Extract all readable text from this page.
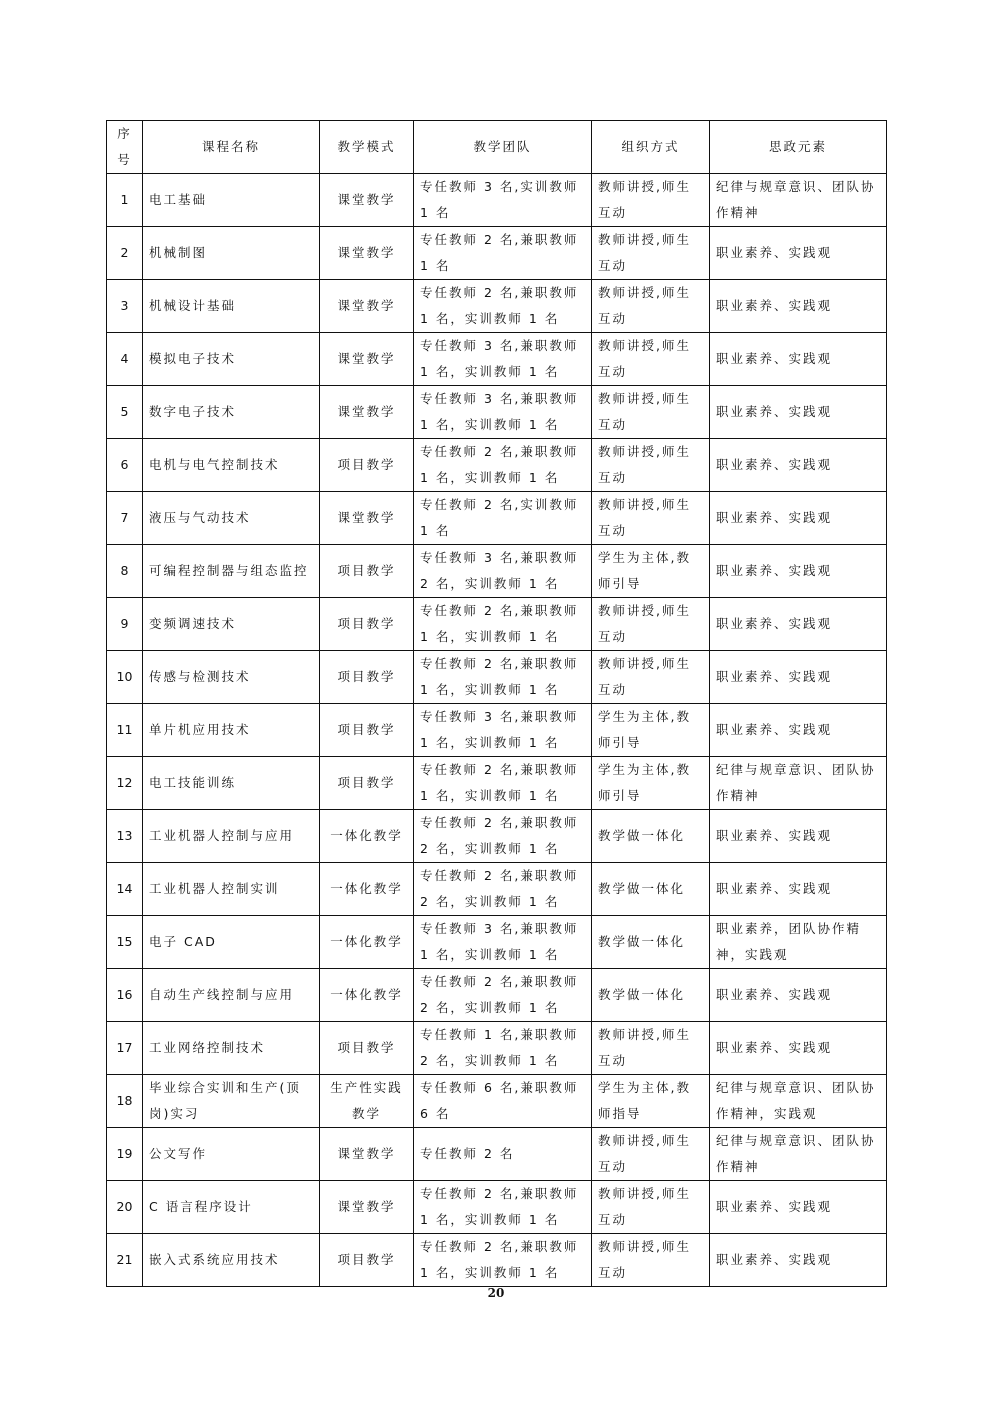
序
号	课程名称	教学模式	教学团队	组织方式	思政元素
1	电工基础	课堂教学	专任教师 3 名,实训教师 1 名	教师讲授,师生互动	纪律与规章意识、团队协作精神
2	机械制图	课堂教学	专任教师 2 名,兼职教师 1 名	教师讲授,师生互动	职业素养、实践观
3	机械设计基础	课堂教学	专任教师 2 名,兼职教师 1 名，实训教师 1 名	教师讲授,师生互动	职业素养、实践观
4	模拟电子技术	课堂教学	专任教师 3 名,兼职教师 1 名，实训教师 1 名	教师讲授,师生互动	职业素养、实践观
5	数字电子技术	课堂教学	专任教师 3 名,兼职教师 1 名，实训教师 1 名	教师讲授,师生互动	职业素养、实践观
6	电机与电气控制技术	项目教学	专任教师 2 名,兼职教师 1 名，实训教师 1 名	教师讲授,师生互动	职业素养、实践观
7	液压与气动技术	课堂教学	专任教师 2 名,实训教师 1 名	教师讲授,师生互动	职业素养、实践观
8	可编程控制器与组态监控	项目教学	专任教师 3 名,兼职教师 2 名，实训教师 1 名	学生为主体,教师引导	职业素养、实践观
9	变频调速技术	项目教学	专任教师 2 名,兼职教师 1 名，实训教师 1 名	教师讲授,师生互动	职业素养、实践观
10	传感与检测技术	项目教学	专任教师 2 名,兼职教师 1 名，实训教师 1 名	教师讲授,师生互动	职业素养、实践观
11	单片机应用技术	项目教学	专任教师 3 名,兼职教师 1 名，实训教师 1 名	学生为主体,教师引导	职业素养、实践观
12	电工技能训练	项目教学	专任教师 2 名,兼职教师 1 名，实训教师 1 名	学生为主体,教师引导	纪律与规章意识、团队协作精神
13	工业机器人控制与应用	一体化教学	专任教师 2 名,兼职教师 2 名，实训教师 1 名	教学做一体化	职业素养、实践观
14	工业机器人控制实训	一体化教学	专任教师 2 名,兼职教师 2 名，实训教师 1 名	教学做一体化	职业素养、实践观
15	电子 CAD	一体化教学	专任教师 3 名,兼职教师 1 名，实训教师 1 名	教学做一体化	职业素养，团队协作精神，实践观
16	自动生产线控制与应用	一体化教学	专任教师 2 名,兼职教师 2 名，实训教师 1 名	教学做一体化	职业素养、实践观
17	工业网络控制技术	项目教学	专任教师 1 名,兼职教师 2 名，实训教师 1 名	教师讲授,师生互动	职业素养、实践观
18	毕业综合实训和生产(顶岗)实习	生产性实践教学	专任教师 6 名,兼职教师 6 名	学生为主体,教师指导	纪律与规章意识、团队协作精神，实践观
19	公文写作	课堂教学	专任教师 2 名	教师讲授,师生互动	纪律与规章意识、团队协作精神
20	C 语言程序设计	课堂教学	专任教师 2 名,兼职教师 1 名，实训教师 1 名	教师讲授,师生互动	职业素养、实践观
21	嵌入式系统应用技术	项目教学	专任教师 2 名,兼职教师 1 名，实训教师 1 名	教师讲授,师生互动	职业素养、实践观
20
